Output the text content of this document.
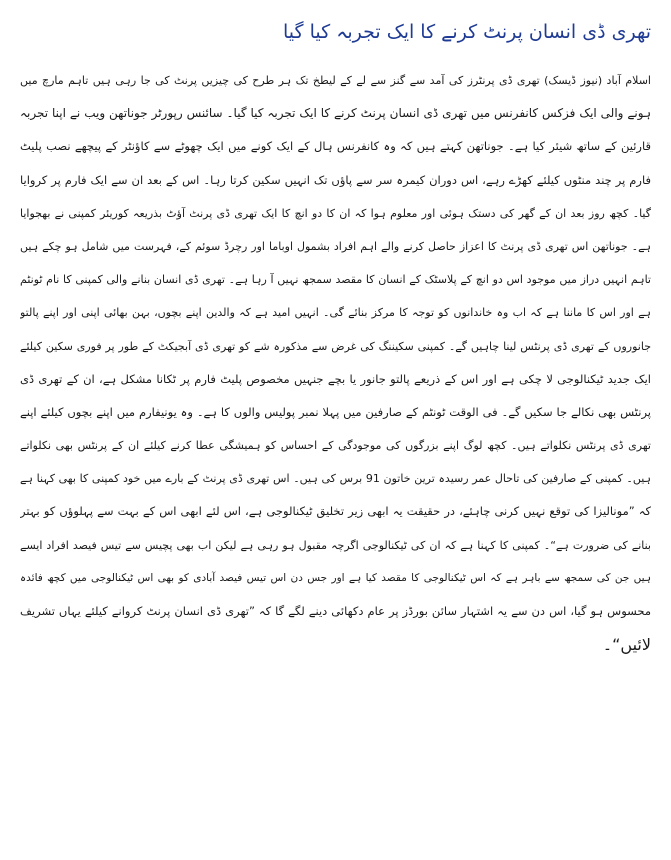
تھری ڈی انسان پرنٹ کرنے کا ایک تجربہ کیا گیا
اسلام آباد (نیوز ڈیسک) تھری ڈی پرنٹرز کی آمد سے گنز سے لے کے لیطخ تک ہر طرح کی چیزیں پرنٹ کی جا رہی ہیں تاہم مارچ میں
ہونے والی ایک فزکس کانفرنس میں تھری ڈی انسان پرنٹ کرنے کا ایک تجربہ کیا گیا۔ سائنس رپورٹر جوناتھن ویب نے اپنا تجربہ
قارئین کے ساتھ شیئر کیا ہے۔ جوناتھن کہتے ہیں کہ وہ کانفرنس ہال کے ایک کونے میں ایک چھوٹے سے کاؤنٹر کے پیچھے نصب پلیٹ
فارم پر چند منٹوں کیلئے کھڑے رہے، اس دوران کیمرہ سر سے پاؤں تک انہیں سکین کرتا رہا۔ اس کے بعد ان سے ایک فارم پر کروایا
گیا۔ کچھ روز بعد ان کے گھر کی دستک ہوئی اور معلوم ہوا کہ ان کا دو انچ کا ایک تھری ڈی پرنٹ آؤٹ بذریعہ کوریئر کمپنی نے بھجوایا
ہے۔ جوناتھن اس تھری ڈی پرنٹ کا اعزاز حاصل کرنے والے اہم افراد بشمول اوباما اور رچرڈ سوئم کے، فہرست میں شامل ہو چکے ہیں
تاہم انہیں دراز میں موجود اس دو انچ کے پلاسٹک کے انسان کا مقصد سمجھ نہیں آ رہا ہے۔ تھری ڈی انسان بنانے والی کمپنی کا نام ٹونٹم
ہے اور اس کا ماننا ہے کہ اب وہ خاندانوں کو توجہ کا مرکز بنائے گی۔ انہیں امید ہے کہ والدین اپنے بچوں، بہن بھائی اپنی اور اپنے پالتو
جانوروں کے تھری ڈی پرنٹس لینا چاہیں گے۔ کمپنی سکیننگ کی غرض سے مذکورہ شے کو تھری ڈی آبجیکٹ کے طور پر فوری سکین کیلئے
ایک جدید ٹیکنالوجی لا چکی ہے اور اس کے ذریعے پالتو جانور یا بچے جنہیں مخصوص پلیٹ فارم پر ٹکانا مشکل ہے، ان کے تھری ڈی
پرنٹس بھی نکالے جا سکیں گے۔ فی الوقت ٹونٹم کے صارفین میں پہلا نمبر پولیس والوں کا ہے۔ وہ یونیفارم میں اپنے بچوں کیلئے اپنے
تھری ڈی پرنٹس نکلواتے ہیں۔ کچھ لوگ اپنے بزرگوں کی موجودگی کے احساس کو ہمیشگی عطا کرنے کیلئے ان کے پرنٹس بھی نکلواتے
ہیں۔ کمپنی کے صارفین کی تاحال عمر رسیدہ ترین خاتون 91 برس کی ہیں۔ اس تھری ڈی پرنٹ کے بارے میں خود کمپنی کا بھی کہنا ہے
کہ ”مونالیزا کی توقع نہیں کرنی چاہئے، در حقیقت یہ ابھی زیر تخلیق ٹیکنالوجی ہے، اس لئے ابھی اس کے بہت سے پہلوؤں کو بہتر
بنانے کی ضرورت ہے“۔ کمپنی کا کہنا ہے کہ ان کی ٹیکنالوجی اگرچہ مقبول ہو رہی ہے لیکن اب بھی پچیس سے تیس فیصد افراد ایسے
ہیں جن کی سمجھ سے باہر ہے کہ اس ٹیکنالوجی کا مقصد کیا ہے اور جس دن اس تیس فیصد آبادی کو بھی اس ٹیکنالوجی میں کچھ فائدہ
محسوس ہو گیا، اس دن سے یہ اشتہار سائن بورڈز پر عام دکھائی دینے لگے گا کہ ”تھری ڈی انسان پرنٹ کروانے کیلئے یہاں تشریف
لائیں“۔
